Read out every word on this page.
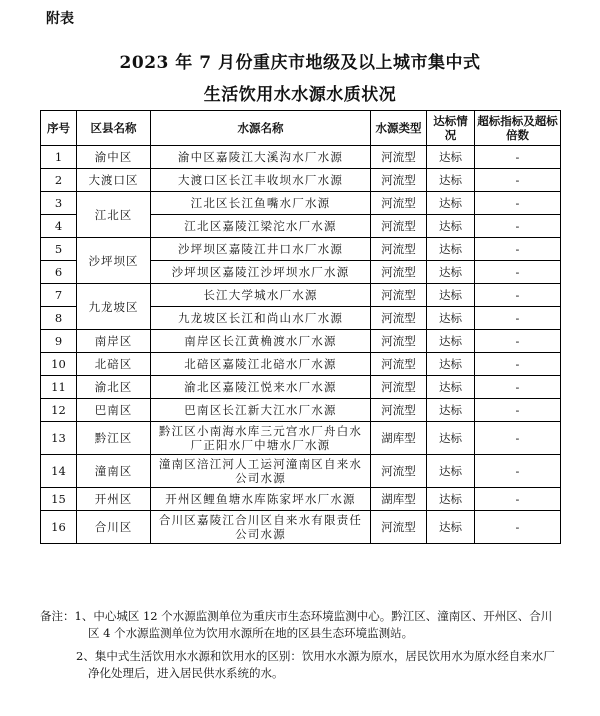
附表
2023 年 7 月份重庆市地级及以上城市集中式
生活饮用水水源水质状况
序号	区县名称	水源名称	水源类型	达标情况	超标指标及超标倍数
1	渝中区	渝中区嘉陵江大溪沟水厂水源	河流型	达标	-
2	大渡口区	大渡口区长江丰收坝水厂水源	河流型	达标	-
3	江北区	江北区长江鱼嘴水厂水源	河流型	达标	-
4		江北区嘉陵江梁沱水厂水源	河流型	达标	-
5	沙坪坝区	沙坪坝区嘉陵江井口水厂水源	河流型	达标	-
6		沙坪坝区嘉陵江沙坪坝水厂水源	河流型	达标	-
7	九龙坡区	长江大学城水厂水源	河流型	达标	-
8		九龙坡区长江和尚山水厂水源	河流型	达标	-
9	南岸区	南岸区长江黄桷渡水厂水源	河流型	达标	-
10	北碚区	北碚区嘉陵江北碚水厂水源	河流型	达标	-
11	渝北区	渝北区嘉陵江悦来水厂水源	河流型	达标	-
12	巴南区	巴南区长江新大江水厂水源	河流型	达标	-
13	黔江区	黔江区小南海水库三元宫水厂舟白水厂正阳水厂中塘水厂水源	湖库型	达标	-
14	潼南区	潼南区涪江河人工运河潼南区自来水公司水源	河流型	达标	-
15	开州区	开州区鲤鱼塘水库陈家坪水厂水源	湖库型	达标	-
16	合川区	合川区嘉陵江合川区自来水有限责任公司水源	河流型	达标	-
备注：1、中心城区 12 个水源监测单位为重庆市生态环境监测中心。黔江区、潼南区、开州区、合川区 4 个水源监测单位为饮用水源所在地的区县生态环境监测站。
2、集中式生活饮用水水源和饮用水的区别：饮用水水源为原水，居民饮用水为原水经自来水厂净化处理后，进入居民供水系统的水。
